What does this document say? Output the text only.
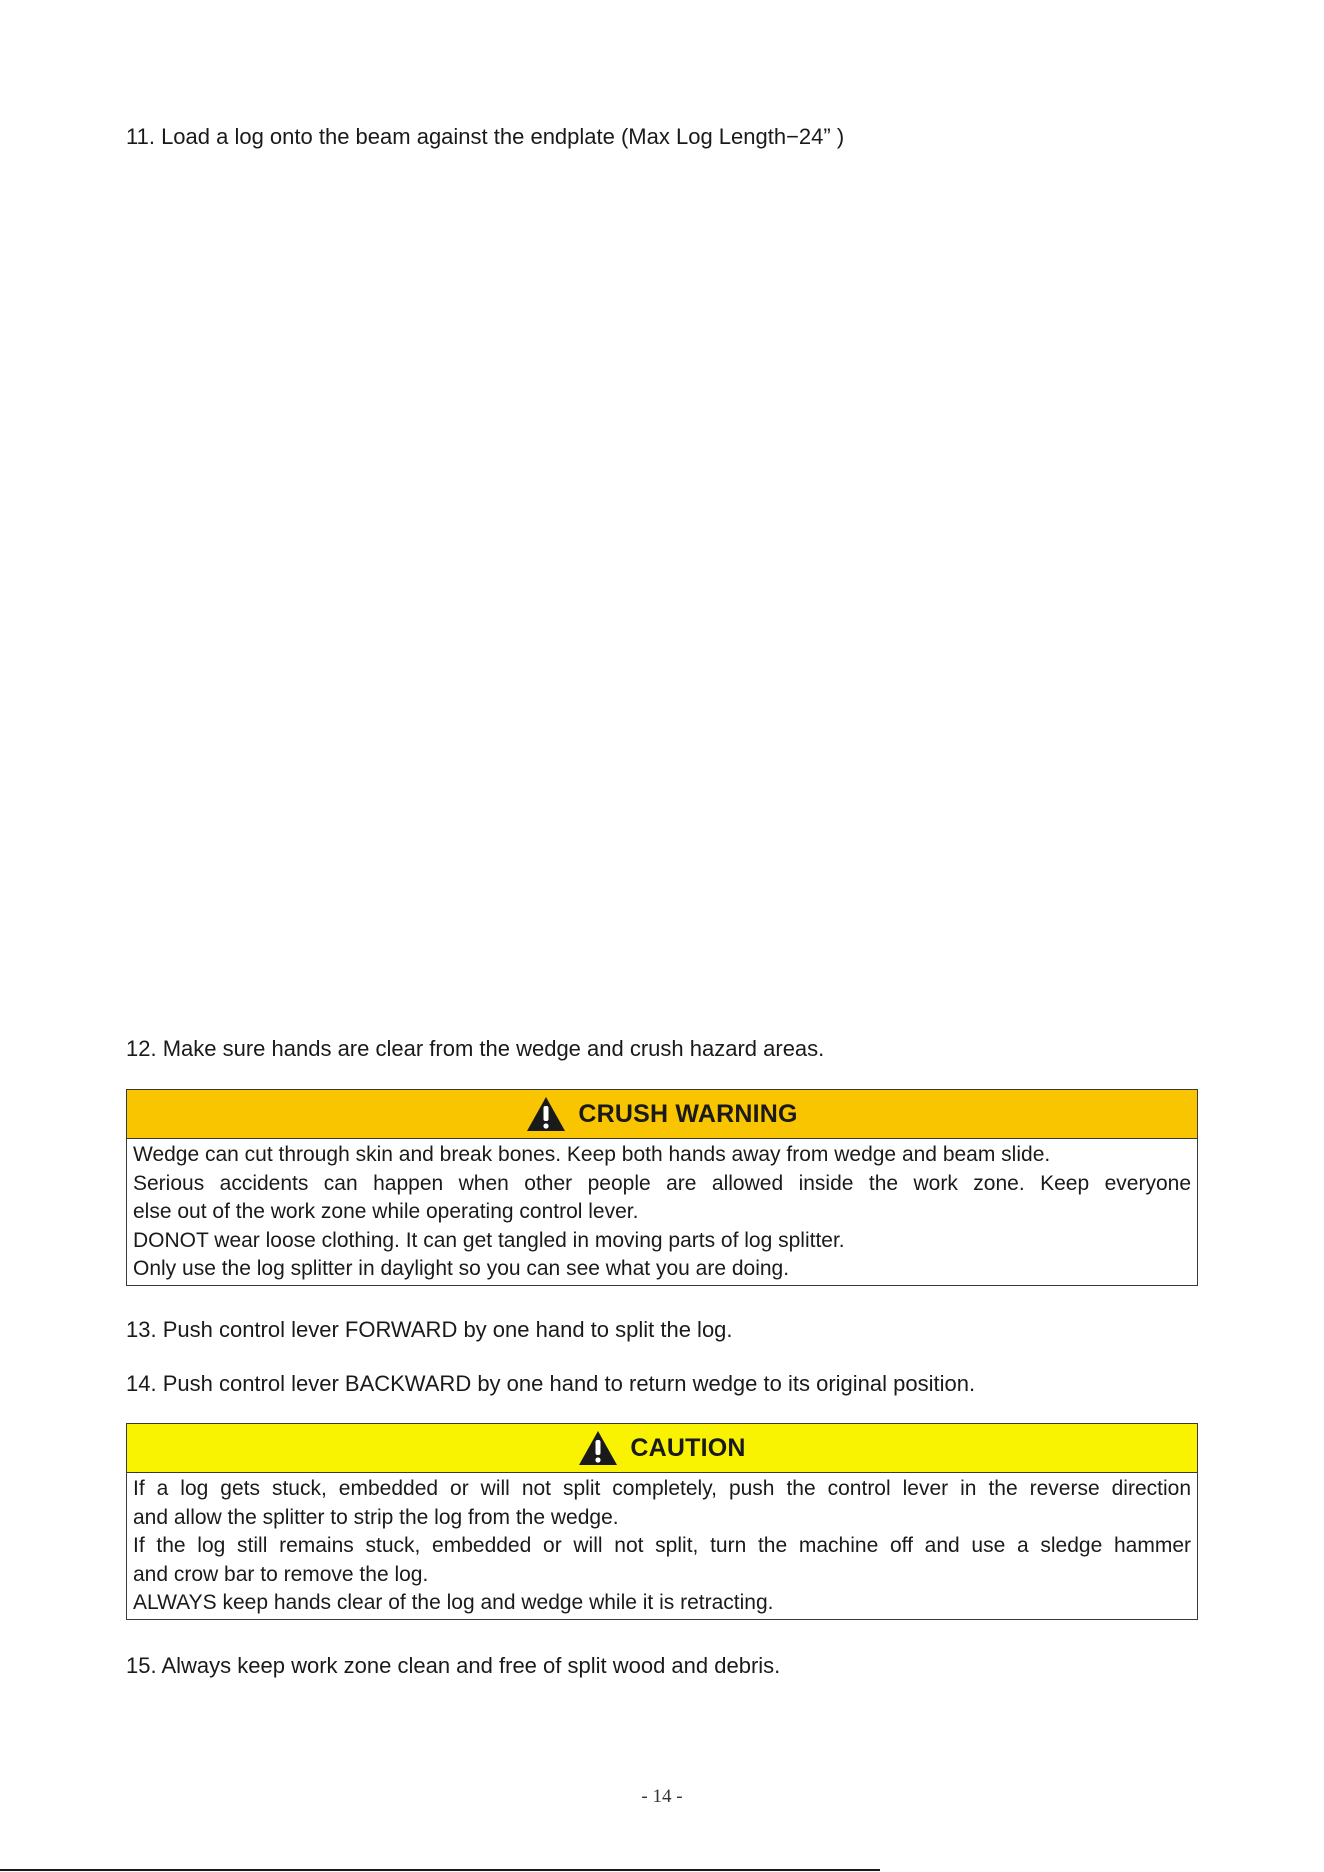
11. Load a log onto the beam against the endplate (Max Log Length−24” )
12. Make sure hands are clear from the wedge and crush hazard areas.
CRUSH WARNING

Wedge can cut through skin and break bones. Keep both hands away from wedge and beam slide.

Serious accidents can happen when other people are allowed inside the work zone. Keep everyone

else out of the work zone while operating control lever.

DONOT wear loose clothing. It can get tangled in moving parts of log splitter.

Only use the log splitter in daylight so you can see what you are doing.

13. Push control lever FORWARD by one hand to split the log.
14. Push control lever BACKWARD by one hand to return wedge to its original position.
CAUTION

If a log gets stuck, embedded or will not split completely, push the control lever in the reverse direction

and allow the splitter to strip the log from the wedge.

If the log still remains stuck, embedded or will not split, turn the machine off and use a sledge hammer

and crow bar to remove the log.

ALWAYS keep hands clear of the log and wedge while it is retracting.

15. Always keep work zone clean and free of split wood and debris.
- 14 -
